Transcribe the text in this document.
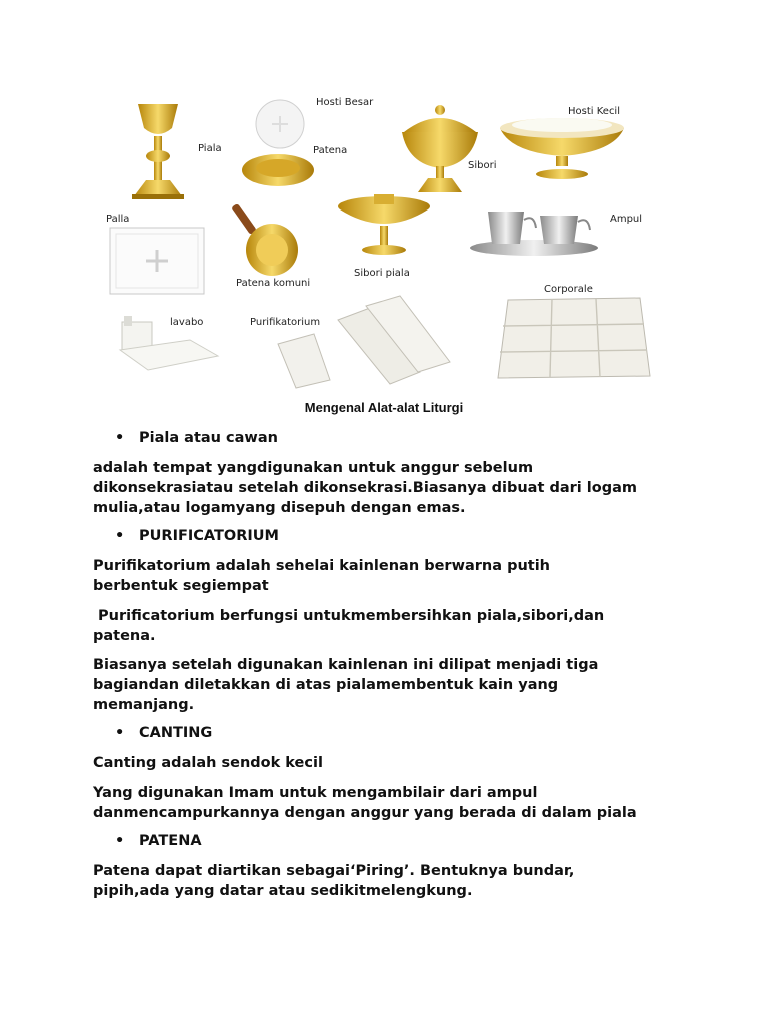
Piala
Hosti Besar
Patena
Sibori
Hosti Kecil
Palla
Patena komuni
Sibori piala
Ampul
Corporale
lavabo	Purifikatorium
Mengenal Alat-alat Liturgi
• Piala atau cawan

adalah tempat yangdigunakan untuk anggur sebelum
dikonsekrasiatau setelah dikonsekrasi.Biasanya dibuat dari logam
mulia,atau logamyang disepuh dengan emas.

• PURIFICATORIUM

Purifikatorium adalah sehelai kainlenan berwarna putih
berbentuk segiempat

Purificatorium berfungsi untukmembersihkan piala,sibori,dan
patena.

Biasanya setelah digunakan kainlenan ini dilipat menjadi tiga
bagiandan diletakkan di atas pialamembentuk kain yang
memanjang.

• CANTING

Canting adalah sendok kecil

Yang digunakan Imam untuk mengambilair dari ampul
danmencampurkannya dengan anggur yang berada di dalam piala

• PATENA

Patena dapat diartikan sebagai‘Piring’. Bentuknya bundar,
pipih,ada yang datar atau sedikitmelengkung.
